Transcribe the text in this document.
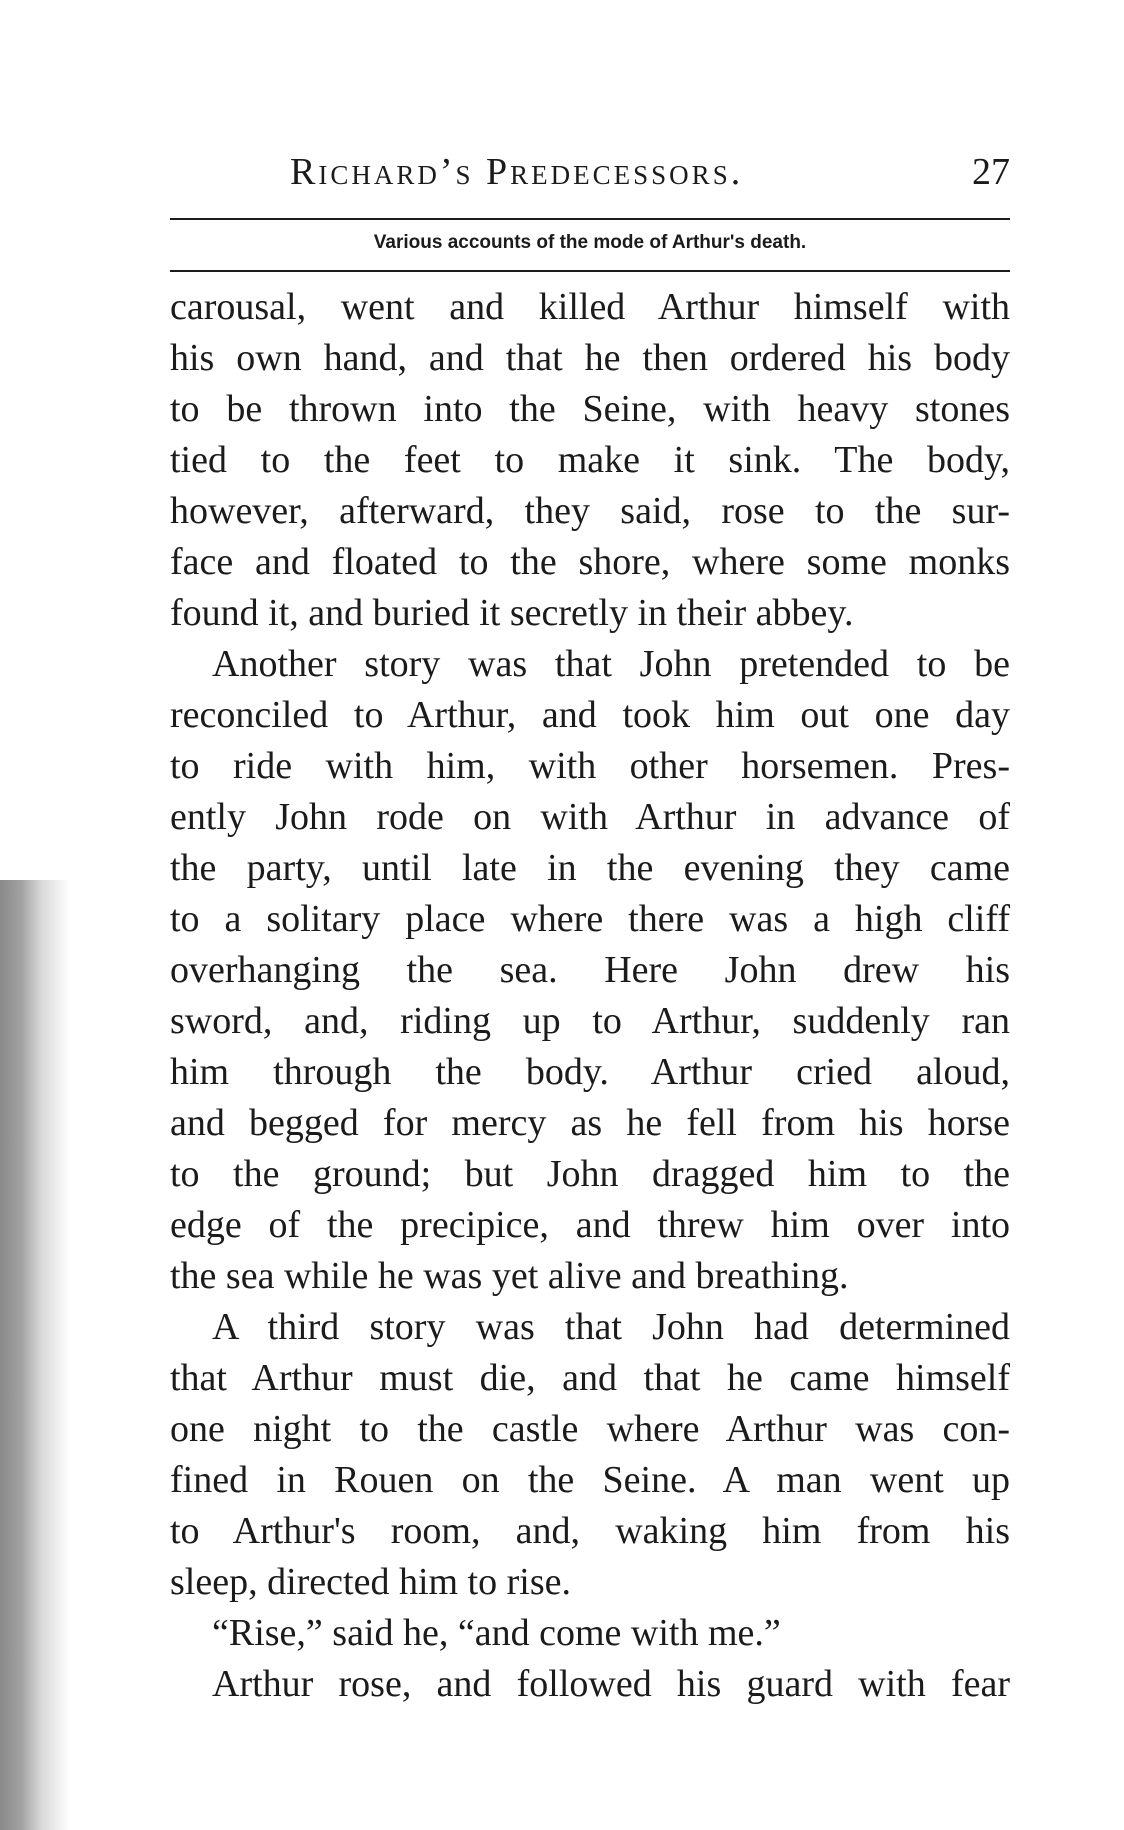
Richard’s Predecessors.	27
Various accounts of the mode of Arthur's death.
carousal, went and killed Arthur himself with
his own hand, and that he then ordered his body
to be thrown into the Seine, with heavy stones
tied to the feet to make it sink. The body,
however, afterward, they said, rose to the sur-
face and floated to the shore, where some monks
found it, and buried it secretly in their abbey.
Another story was that John pretended to be
reconciled to Arthur, and took him out one day
to ride with him, with other horsemen. Pres-
ently John rode on with Arthur in advance of
the party, until late in the evening they came
to a solitary place where there was a high cliff
overhanging the sea. Here John drew his
sword, and, riding up to Arthur, suddenly ran
him through the body. Arthur cried aloud,
and begged for mercy as he fell from his horse
to the ground; but John dragged him to the
edge of the precipice, and threw him over into
the sea while he was yet alive and breathing.
A third story was that John had determined
that Arthur must die, and that he came himself
one night to the castle where Arthur was con-
fined in Rouen on the Seine. A man went up
to Arthur's room, and, waking him from his
sleep, directed him to rise.
“Rise,” said he, “and come with me.”
Arthur rose, and followed his guard with fear
